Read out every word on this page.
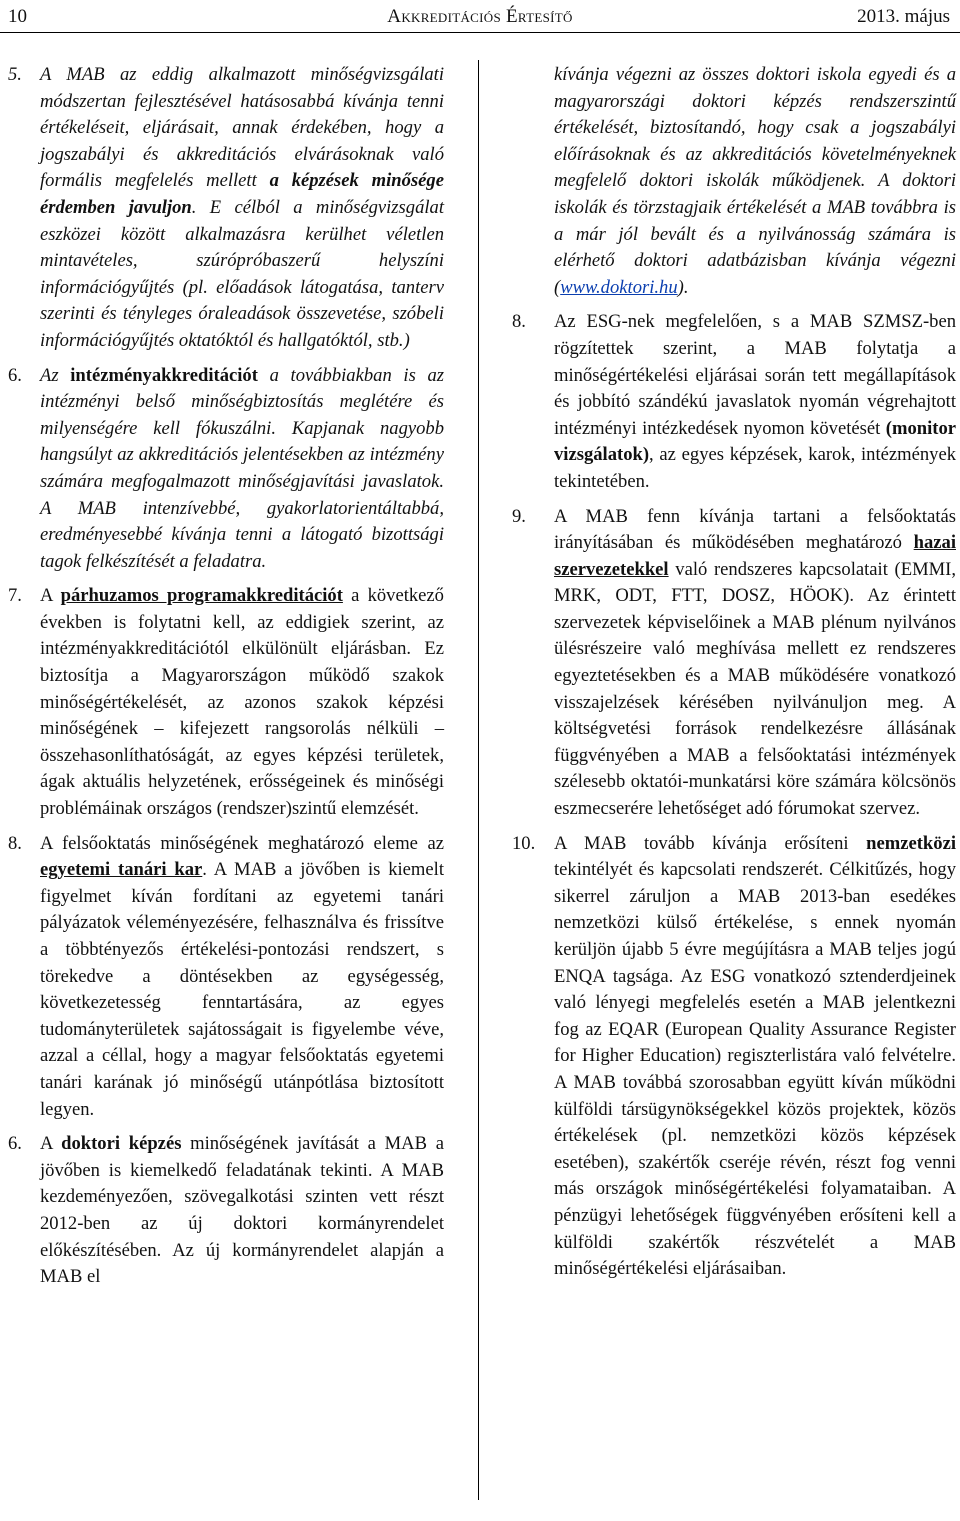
10	Akkreditációs Értesítő	2013. május
5. A MAB az eddig alkalmazott minőségvizsgálati módszertan fejlesztésével hatásosabbá kívánja tenni értékeléseit, eljárásait, annak érdekében, hogy a jogszabályi és akkreditációs elvárásoknak való formális megfelelés mellett a képzések minősége érdemben javuljon. E célból a minőségvizsgálat eszközei között alkalmazásra kerülhet véletlen mintavételes, szúrópróbaszerű helyszíni információgyűjtés (pl. előadások látogatása, tanterv szerinti és tényleges óraleadások összevetése, szóbeli információgyűjtés oktatóktól és hallgatóktól, stb.)

6. Az intézményakkreditációt a továbbiakban is az intézményi belső minőségbiztosítás meglétére és milyenségére kell fókuszálni. Kapjanak nagyobb hangsúlyt az akkreditációs jelentésekben az intézmény számára megfogalmazott minőségjavítási javaslatok. A MAB intenzívebbé, gyakorlatorientáltabbá, eredményesebbé kívánja tenni a látogató bizottsági tagok felkészítését a feladatra.

7. A párhuzamos programakkreditációt a következő években is folytatni kell, az eddigiek szerint, az intézményakkreditációtól elkülönült eljárásban. Ez biztosítja a Magyarországon működő szakok minőségértékelését, az azonos szakok képzési minőségének – kifejezett rangsorolás nélküli – összehasonlíthatóságát, az egyes képzési területek, ágak aktuális helyzetének, erősségeinek és minőségi problémáinak országos (rendszer)szintű elemzését.

8. A felsőoktatás minőségének meghatározó eleme az egyetemi tanári kar. A MAB a jövőben is kiemelt figyelmet kíván fordítani az egyetemi tanári pályázatok véleményezésére, felhasználva és frissítve a többtényezős értékelési-pontozási rendszert, s törekedve a döntésekben az egységesség, következetesség fenntartására, az egyes tudományterületek sajátosságait is figyelembe véve, azzal a céllal, hogy a magyar felsőoktatás egyetemi tanári karának jó minőségű utánpótlása biztosított legyen.

6. A doktori képzés minőségének javítását a MAB a jövőben is kiemelkedő feladatának tekinti. A MAB kezdeményezően, szövegalkotási szinten vett részt 2012-ben az új doktori kormányrendelet előkészítésében. Az új kormányrendelet alapján a MAB el

kívánja végezni az összes doktori iskola egyedi és a magyarországi doktori képzés rendszerszintű értékelését, biztosítandó, hogy csak a jogszabályi előírásoknak és az akkreditációs követelményeknek megfelelő doktori iskolák működjenek. A doktori iskolák és törzstagjaik értékelését a MAB továbbra is a már jól bevált és a nyilvánosság számára is elérhető doktori adatbázisban kívánja végezni (www.doktori.hu).

8. Az ESG-nek megfelelően, s a MAB SZMSZ-ben rögzítettek szerint, a MAB folytatja a minőségértékelési eljárásai során tett megállapítások és jobbító szándékú javaslatok nyomán végrehajtott intézményi intézkedések nyomon követését (monitor vizsgálatok), az egyes képzések, karok, intézmények tekintetében.

9. A MAB fenn kívánja tartani a felsőoktatás irányításában és működésében meghatározó hazai szervezetekkel való rendszeres kapcsolatait (EMMI, MRK, ODT, FTT, DOSZ, HÖOK). Az érintett szervezetek képviselőinek a MAB plénum nyilvános ülésrészeire való meghívása mellett ez rendszeres egyeztetésekben és a MAB működésére vonatkozó visszajelzések kérésében nyilvánuljon meg. A költségvetési források rendelkezésre állásának függvényében a MAB a felsőoktatási intézmények szélesebb oktatói-munkatársi köre számára kölcsönös eszmecserére lehetőséget adó fórumokat szervez.

10. A MAB tovább kívánja erősíteni nemzetközi tekintélyét és kapcsolati rendszerét. Célkitűzés, hogy sikerrel záruljon a MAB 2013-ban esedékes nemzetközi külső értékelése, s ennek nyomán kerüljön újabb 5 évre megújításra a MAB teljes jogú ENQA tagsága. Az ESG vonatkozó sztenderdjeinek való lényegi megfelelés esetén a MAB jelentkezni fog az EQAR (European Quality Assurance Register for Higher Education) regiszterlistára való felvételre. A MAB továbbá szorosabban együtt kíván működni külföldi társügynökségekkel közös projektek, közös értékelések (pl. nemzetközi közös képzések esetében), szakértők cseréje révén, részt fog venni más országok minőségértékelési folyamataiban. A pénzügyi lehetőségek függvényében erősíteni kell a külföldi szakértők részvételét a MAB minőségértékelési eljárásaiban.
